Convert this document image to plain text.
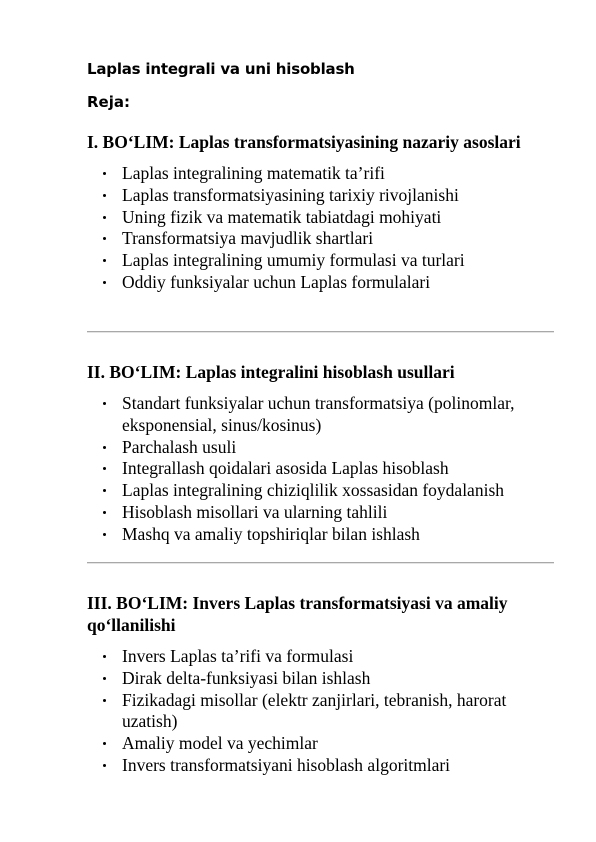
Laplas integrali va uni hisoblash

Reja:

I. BO‘LIM: Laplas transformatsiyasining nazariy asoslari
Laplas integralining matematik ta’rifi
Laplas transformatsiyasining tarixiy rivojlanishi
Uning fizik va matematik tabiatdagi mohiyati
Transformatsiya mavjudlik shartlari
Laplas integralining umumiy formulasi va turlari
Oddiy funksiyalar uchun Laplas formulalari
II. BO‘LIM: Laplas integralini hisoblash usullari
Standart funksiyalar uchun transformatsiya (polinomlar, eksponensial, sinus/kosinus)
Parchalash usuli
Integrallash qoidalari asosida Laplas hisoblash
Laplas integralining chiziqlilik xossasidan foydalanish
Hisoblash misollari va ularning tahlili
Mashq va amaliy topshiriqlar bilan ishlash
III. BO‘LIM: Invers Laplas transformatsiyasi va amaliy qo‘llanilishi
Invers Laplas ta’rifi va formulasi
Dirak delta-funksiyasi bilan ishlash
Fizikadagi misollar (elektr zanjirlari, tebranish, harorat uzatish)
Amaliy model va yechimlar
Invers transformatsiyani hisoblash algoritmlari
